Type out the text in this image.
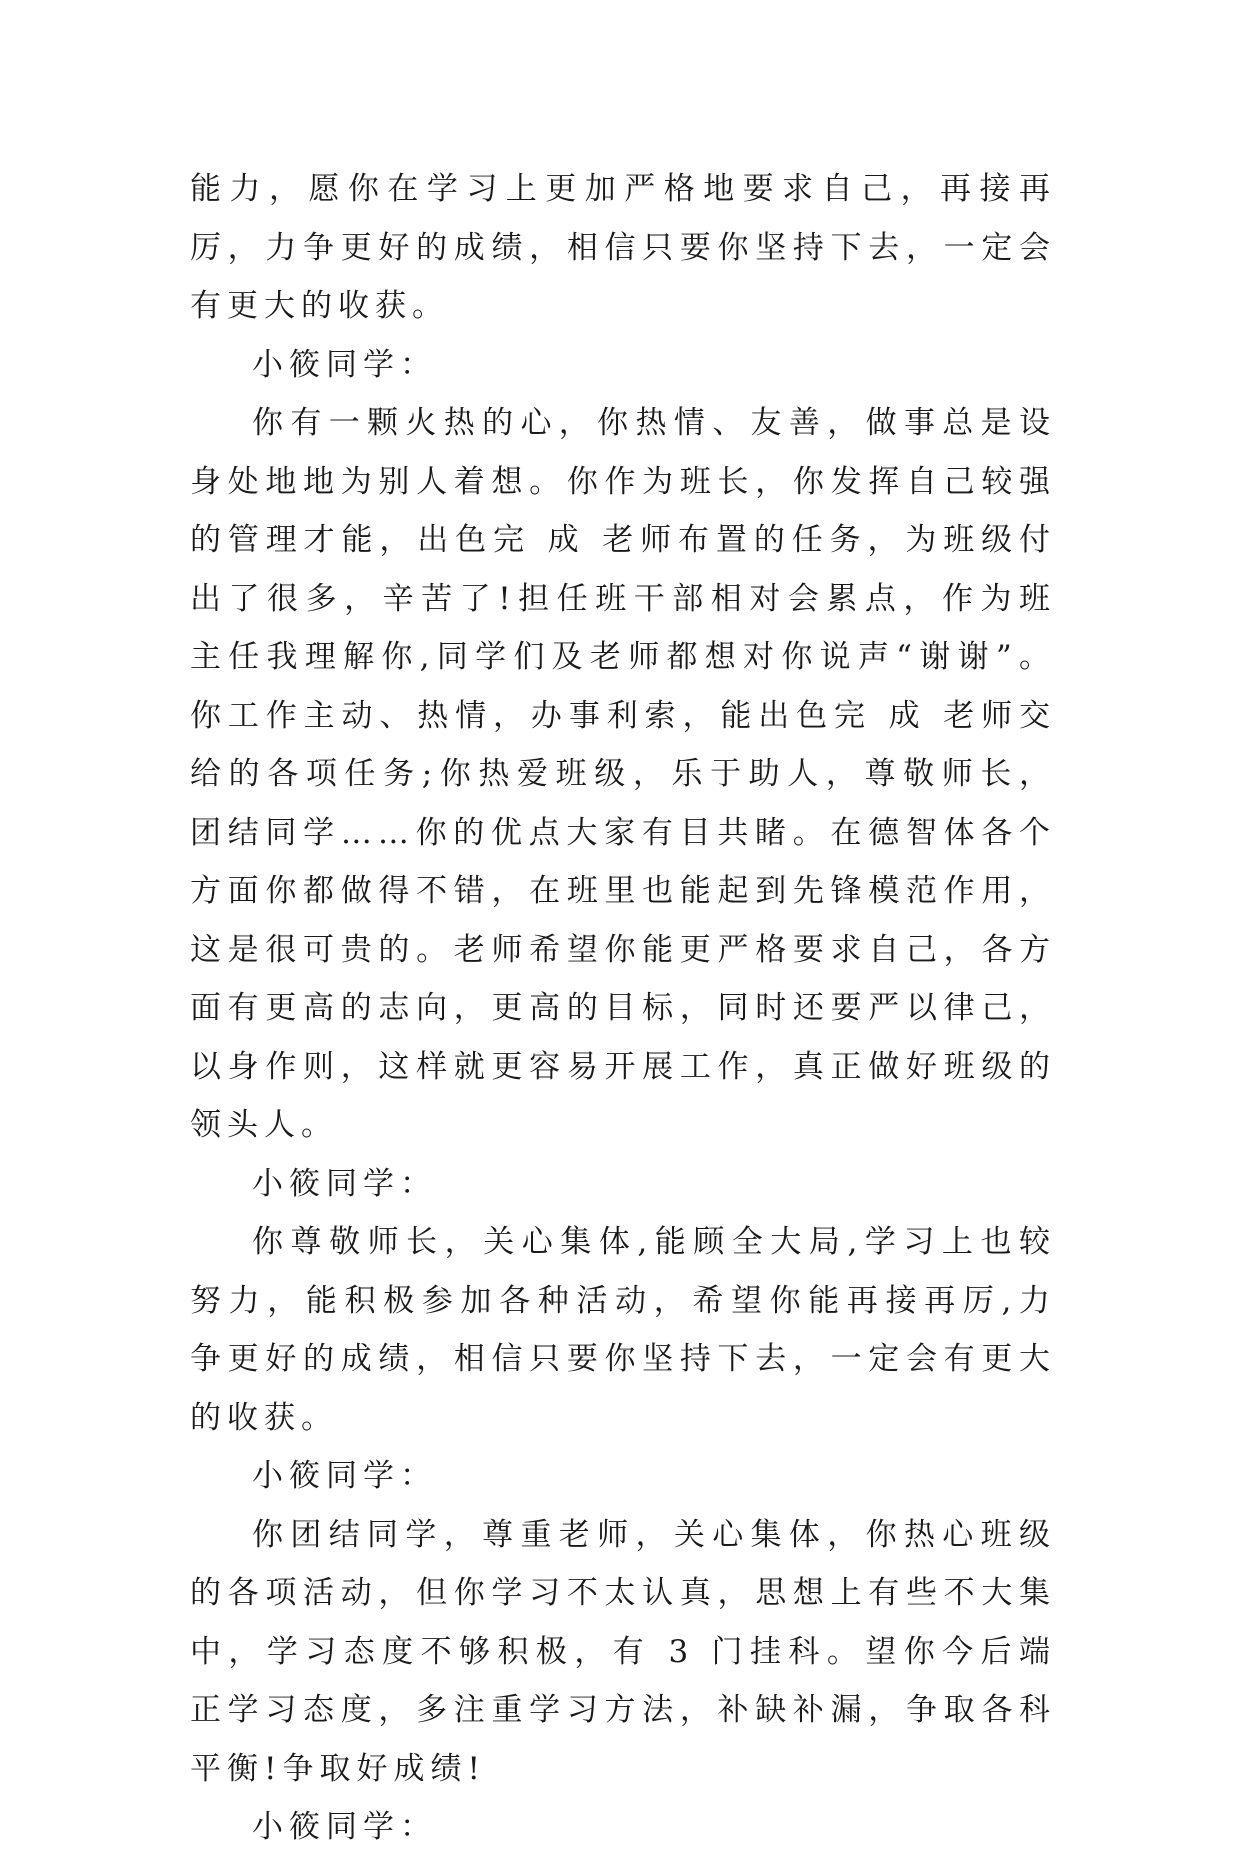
能力，愿你在学习上更加严格地要求自己，再接再厉，力争更好的成绩，相信只要你坚持下去，一定会有更大的收获。

小筱同学：

你有一颗火热的心，你热情、友善，做事总是设身处地地为别人着想。你作为班长，你发挥自己较强的管理才能，出色完 成 老师布置的任务，为班级付出了很多，辛苦了!担任班干部相对会累点，作为班主任我理解你,同学们及老师都想对你说声“谢谢”。你工作主动、热情，办事利索，能出色完 成 老师交给的各项任务;你热爱班级，乐于助人，尊敬师长，团结同学……你的优点大家有目共睹。在德智体各个方面你都做得不错，在班里也能起到先锋模范作用，这是很可贵的。老师希望你能更严格要求自己，各方面有更高的志向，更高的目标，同时还要严以律己，以身作则，这样就更容易开展工作，真正做好班级的领头人。

小筱同学：

你尊敬师长，关心集体,能顾全大局,学习上也较努力，能积极参加各种活动，希望你能再接再厉,力争更好的成绩，相信只要你坚持下去，一定会有更大的收获。

小筱同学：

你团结同学，尊重老师，关心集体，你热心班级的各项活动，但你学习不太认真，思想上有些不大集中，学习态度不够积极，有 3 门挂科。望你今后端正学习态度，多注重学习方法，补缺补漏，争取各科平衡!争取好成绩!

小筱同学：
